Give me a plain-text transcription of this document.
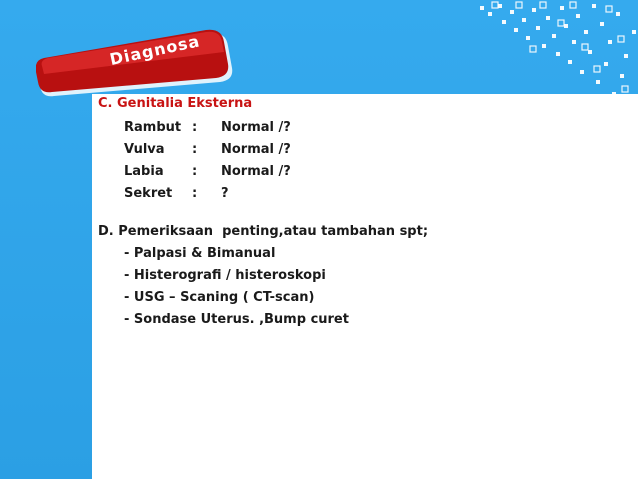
Diagnosa
C. Genitalia Eksterna
Rambut : Normal /?
Vulva : Normal /?
Labia : Normal /?
Sekret : ?
D. Pemeriksaan  penting,atau tambahan spt;
- Palpasi & Bimanual
- Histerografi / histeroskopi
- USG – Scaning ( CT-scan)
- Sondase Uterus. ,Bump curet
Page 27
